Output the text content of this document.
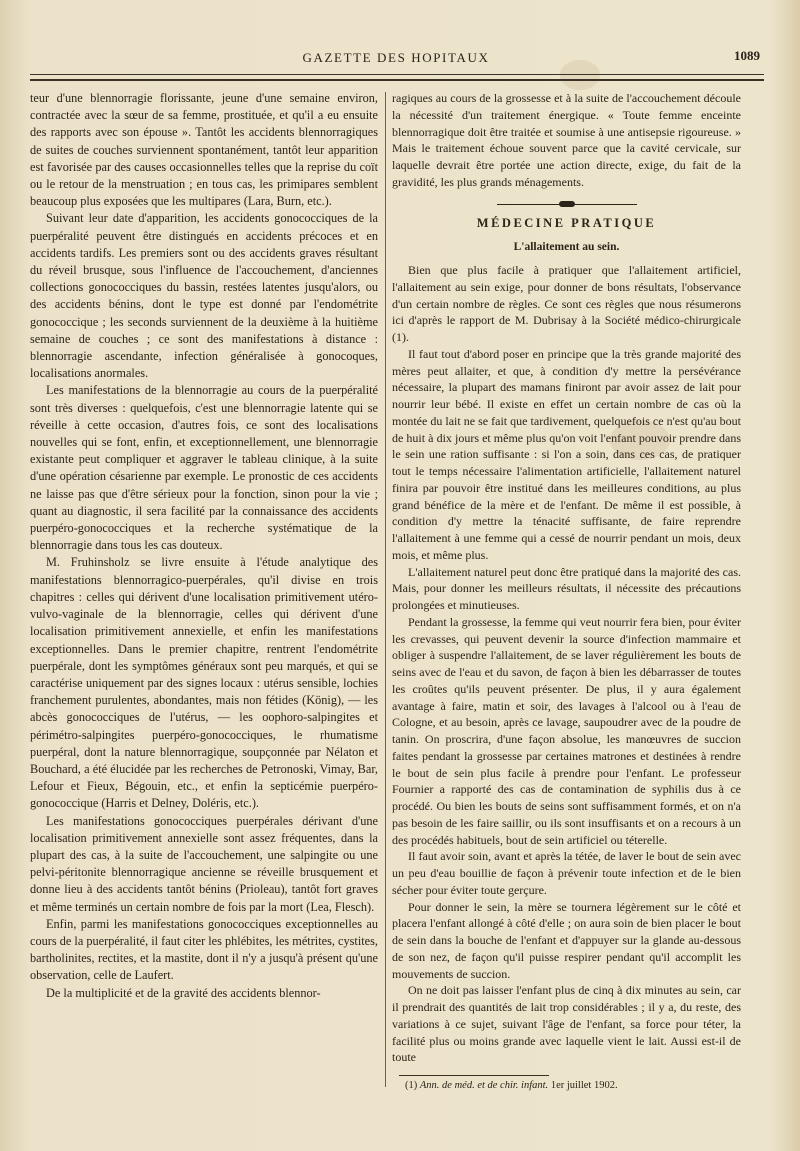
GAZETTE DES HOPITAUX	1089

teur d'une blennorragie florissante, jeune d'une semaine environ, contractée avec la sœur de sa femme, prostituée, et qu'il a eu ensuite des rapports avec son épouse ». Tantôt les accidents blennorragiques de suites de couches surviennent spontanément, tantôt leur apparition est favorisée par des causes occasionnelles telles que la reprise du coït ou le retour de la menstruation ; en tous cas, les primipares semblent beaucoup plus exposées que les multipares (Lara, Burn, etc.).

Suivant leur date d'apparition, les accidents gonococciques de la puerpéralité peuvent être distingués en accidents précoces et en accidents tardifs. Les premiers sont ou des accidents graves résultant du réveil brusque, sous l'influence de l'accouchement, d'anciennes collections gonococciques du bassin, restées latentes jusqu'alors, ou des accidents bénins, dont le type est donné par l'endométrite gonococcique ; les seconds surviennent de la deuxième à la huitième semaine de couches ; ce sont des manifestations à distance : blennorragie ascendante, infection généralisée à gonocoques, localisations anormales.

Les manifestations de la blennorragie au cours de la puerpéralité sont très diverses : quelquefois, c'est une blennorragie latente qui se réveille à cette occasion, d'autres fois, ce sont des localisations nouvelles qui se font, enfin, et exceptionnellement, une blennorragie existante peut compliquer et aggraver le tableau clinique, à la suite d'une opération césarienne par exemple. Le pronostic de ces accidents ne laisse pas que d'être sérieux pour la fonction, sinon pour la vie ; quant au diagnostic, il sera facilité par la connaissance des accidents puerpéro-gonococciques et la recherche systématique de la blennorragie dans tous les cas douteux.

M. Fruhinsholz se livre ensuite à l'étude analytique des manifestations blennorragico-puerpérales, qu'il divise en trois chapitres : celles qui dérivent d'une localisation primitivement utéro-vulvo-vaginale de la blennorragie, celles qui dérivent d'une localisation primitivement annexielle, et enfin les manifestations exceptionnelles. Dans le premier chapitre, rentrent l'endométrite puerpérale, dont les symptômes généraux sont peu marqués, et qui se caractérise uniquement par des signes locaux : utérus sensible, lochies franchement purulentes, abondantes, mais non fétides (König), — les abcès gonococciques de l'utérus, — les oophoro-salpingites et périmétro-salpingites puerpéro-gonococciques, le rhumatisme puerpéral, dont la nature blennorragique, soupçonnée par Nélaton et Bouchard, a été élucidée par les recherches de Petronoski, Vimay, Bar, Lefour et Fieux, Bégouin, etc., et enfin la septicémie puerpéro-gonococcique (Harris et Delney, Doléris, etc.).

Les manifestations gonococciques puerpérales dérivant d'une localisation primitivement annexielle sont assez fréquentes, dans la plupart des cas, à la suite de l'accouchement, une salpingite ou une pelvi-péritonite blennorragique ancienne se réveille brusquement et donne lieu à des accidents tantôt bénins (Prioleau), tantôt fort graves et même terminés un certain nombre de fois par la mort (Lea, Flesch).

Enfin, parmi les manifestations gonococciques exceptionnelles au cours de la puerpéralité, il faut citer les phlébites, les métrites, cystites, bartholinites, rectites, et la mastite, dont il n'y a jusqu'à présent qu'une observation, celle de Laufert.

De la multiplicité et de la gravité des accidents blennor-

ragiques au cours de la grossesse et à la suite de l'accouchement découle la nécessité d'un traitement énergique. « Toute femme enceinte blennorragique doit être traitée et soumise à une antisepsie rigoureuse. » Mais le traitement échoue souvent parce que la cavité cervicale, sur laquelle devrait être portée une action directe, exige, du fait de la gravidité, les plus grands ménagements.

MÉDECINE PRATIQUE
L'allaitement au sein.

Bien que plus facile à pratiquer que l'allaitement artificiel, l'allaitement au sein exige, pour donner de bons résultats, l'observance d'un certain nombre de règles. Ce sont ces règles que nous résumerons ici d'après le rapport de M. Dubrisay à la Société médico-chirurgicale (1).

Il faut tout d'abord poser en principe que la très grande majorité des mères peut allaiter, et que, à condition d'y mettre la persévérance nécessaire, la plupart des mamans finiront par avoir assez de lait pour nourrir leur bébé. Il existe en effet un certain nombre de cas où la montée du lait ne se fait que tardivement, quelquefois ce n'est qu'au bout de huit à dix jours et même plus qu'on voit l'enfant pouvoir prendre dans le sein une ration suffisante : si l'on a soin, dans ces cas, de pratiquer tout le temps nécessaire l'alimentation artificielle, l'allaitement naturel finira par pouvoir être institué dans les meilleures conditions, au plus grand bénéfice de la mère et de l'enfant. De même il est possible, à condition d'y mettre la ténacité suffisante, de faire reprendre l'allaitement à une femme qui a cessé de nourrir pendant un mois, deux mois, et même plus.

L'allaitement naturel peut donc être pratiqué dans la majorité des cas. Mais, pour donner les meilleurs résultats, il nécessite des précautions prolongées et minutieuses.

Pendant la grossesse, la femme qui veut nourrir fera bien, pour éviter les crevasses, qui peuvent devenir la source d'infection mammaire et obliger à suspendre l'allaitement, de se laver régulièrement les bouts de seins avec de l'eau et du savon, de façon à bien les débarrasser de toutes les croûtes qu'ils peuvent présenter. De plus, il y aura également avantage à faire, matin et soir, des lavages à l'alcool ou à l'eau de Cologne, et au besoin, après ce lavage, saupoudrer avec de la poudre de tanin. On proscrira, d'une façon absolue, les manœuvres de succion faites pendant la grossesse par certaines matrones et destinées à rendre le bout de sein plus facile à prendre pour l'enfant. Le professeur Fournier a rapporté des cas de contamination de syphilis dus à ce procédé. Ou bien les bouts de seins sont suffisamment formés, et on n'a pas besoin de les faire saillir, ou ils sont insuffisants et on a recours à un des procédés habituels, bout de sein artificiel ou téterelle.

Il faut avoir soin, avant et après la tétée, de laver le bout de sein avec un peu d'eau bouillie de façon à prévenir toute infection et de le bien sécher pour éviter toute gerçure.

Pour donner le sein, la mère se tournera légèrement sur le côté et placera l'enfant allongé à côté d'elle ; on aura soin de bien placer le bout de sein dans la bouche de l'enfant et d'appuyer sur la glande au-dessous de son nez, de façon qu'il puisse respirer pendant qu'il accomplit les mouvements de succion.

On ne doit pas laisser l'enfant plus de cinq à dix minutes au sein, car il prendrait des quantités de lait trop considérables ; il y a, du reste, des variations à ce sujet, suivant l'âge de l'enfant, sa force pour téter, la facilité plus ou moins grande avec laquelle vient le lait. Aussi est-il de toute

(1) Ann. de méd. et de chir. infant. 1er juillet 1902.
